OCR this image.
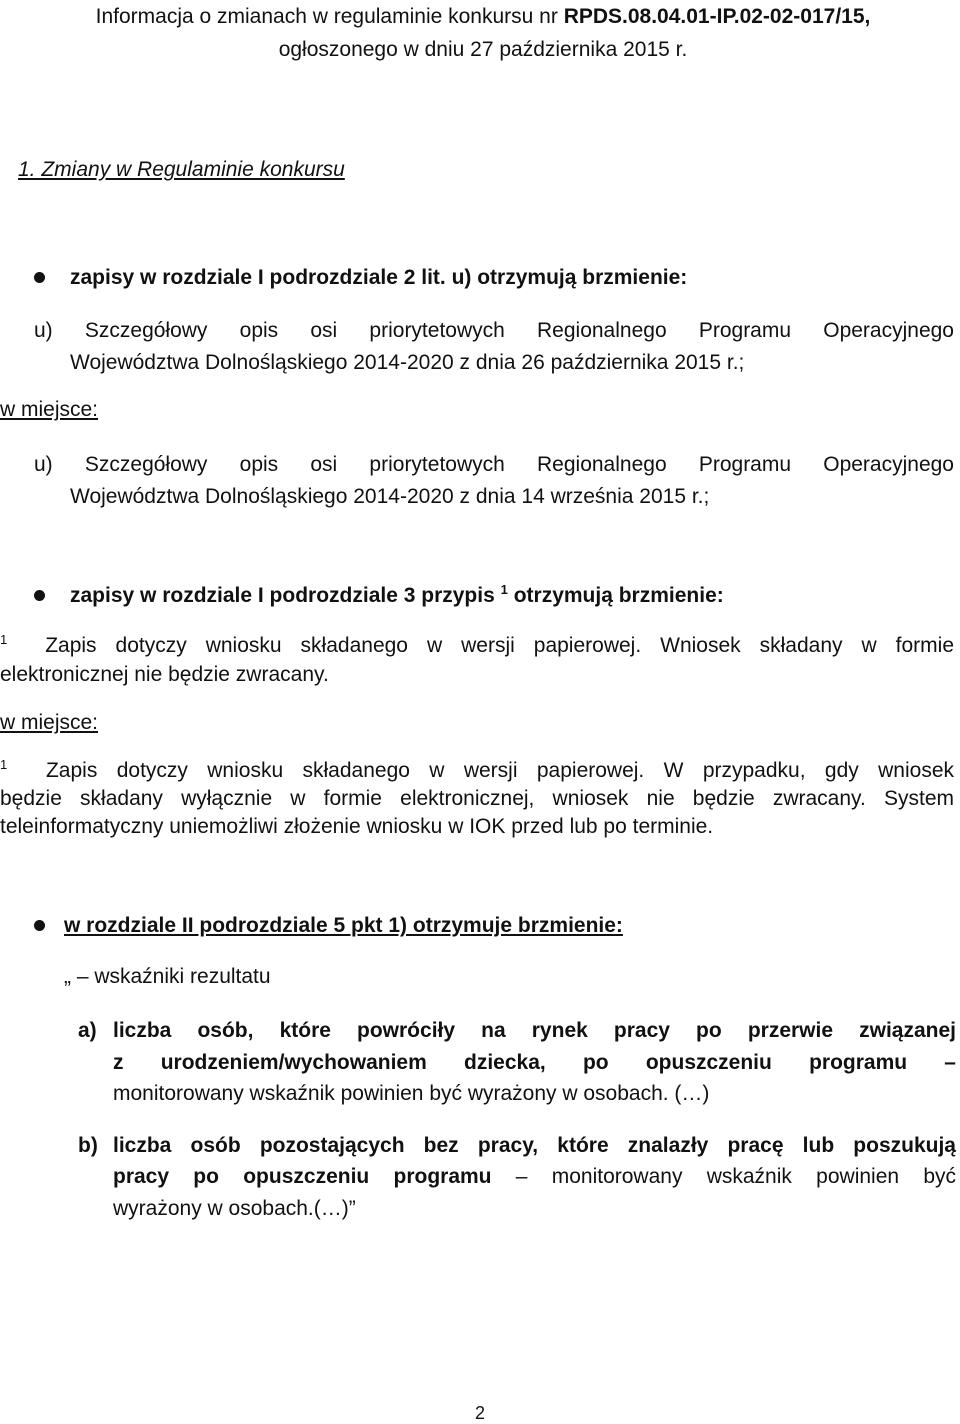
Informacja o zmianach w regulaminie konkursu nr RPDS.08.04.01-IP.02-02-017/15,
ogłoszonego w dniu 27 października 2015 r.
1. Zmiany w Regulaminie konkursu
zapisy w rozdziale I podrozdziale 2 lit. u) otrzymują brzmienie:
u) Szczegółowy opis osi priorytetowych Regionalnego Programu Operacyjnego
Województwa Dolnośląskiego 2014-2020 z dnia 26 października 2015 r.;
w miejsce:
u) Szczegółowy opis osi priorytetowych Regionalnego Programu Operacyjnego
Województwa Dolnośląskiego 2014-2020 z dnia 14 września 2015 r.;
zapisy w rozdziale I podrozdziale 3 przypis $^1$ otrzymują brzmienie:
$^1$ Zapis dotyczy wniosku składanego w wersji papierowej. Wniosek składany w formie
elektronicznej nie będzie zwracany.
w miejsce:
$^1$ Zapis dotyczy wniosku składanego w wersji papierowej. W przypadku, gdy wniosek
będzie składany wyłącznie w formie elektronicznej, wniosek nie będzie zwracany. System
teleinformatyczny uniemożliwi złożenie wniosku w IOK przed lub po terminie.
w rozdziale II podrozdziale 5 pkt 1) otrzymuje brzmienie:
„ – wskaźniki rezultatu
a) liczba osób, które powróciły na rynek pracy po przerwie związanej
z urodzeniem/wychowaniem dziecka, po opuszczeniu programu –
monitorowany wskaźnik powinien być wyrażony w osobach. (…)
b) liczba osób pozostających bez pracy, które znalazły pracę lub poszukują
pracy po opuszczeniu programu – monitorowany wskaźnik powinien być
wyrażony w osobach.(…)”
2
